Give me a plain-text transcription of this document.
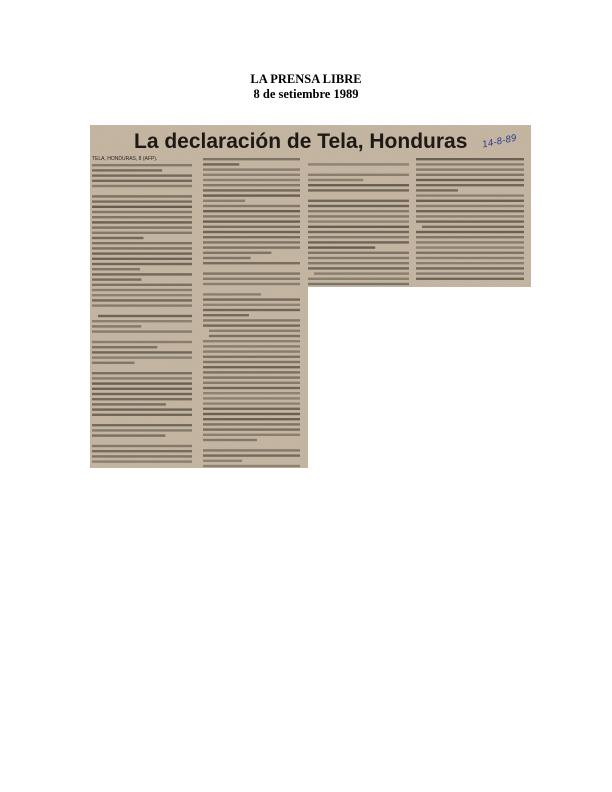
LA PRENSA LIBRE
8 de setiembre 1989
La declaración de Tela, Honduras 14-8-89
TELA, HONDURAS, 8 (AFP).
